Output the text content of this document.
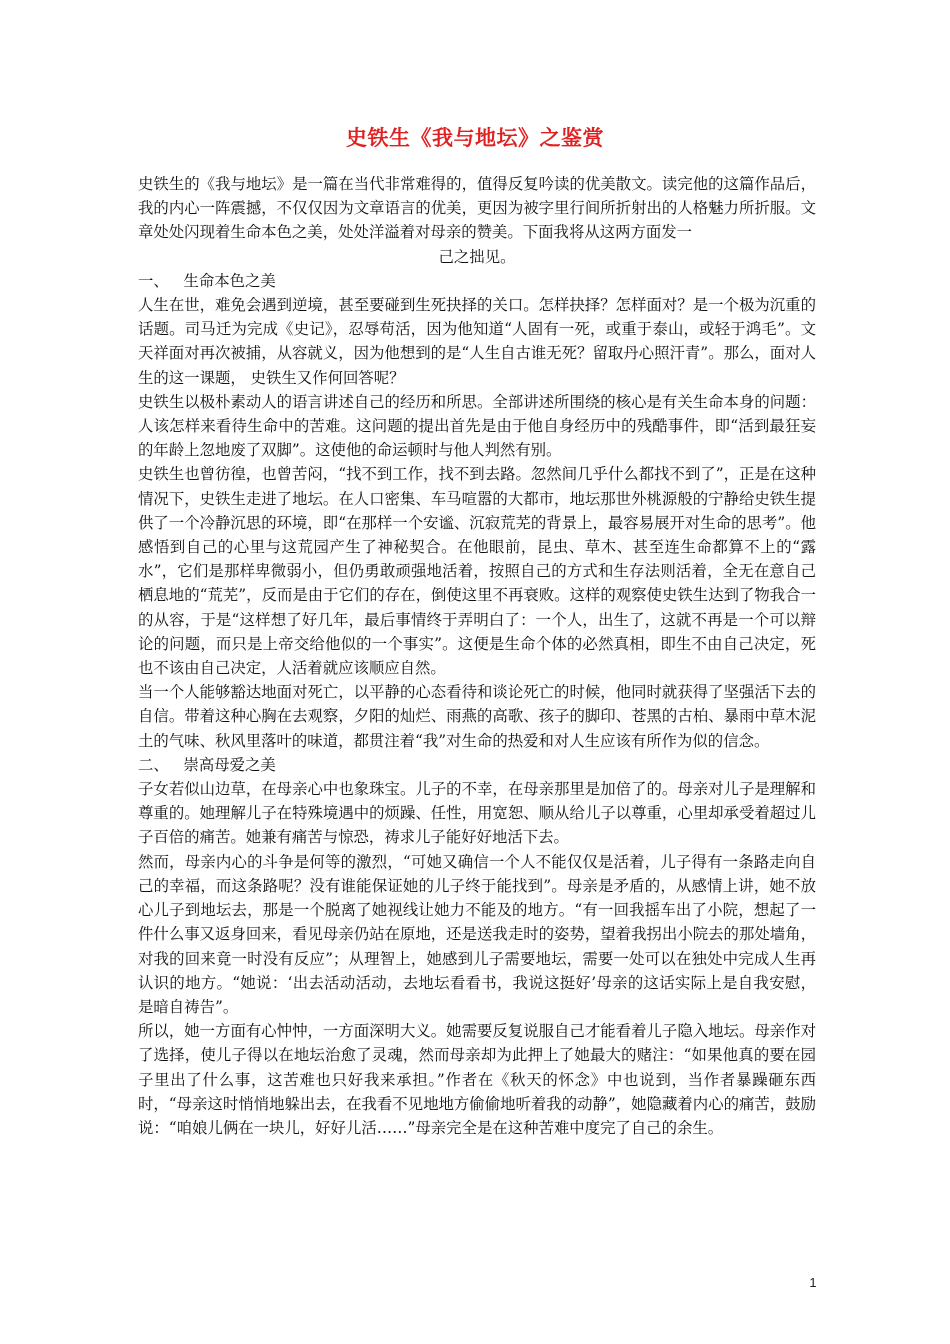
史铁生《我与地坛》之鉴赏

史铁生的《我与地坛》是一篇在当代非常难得的，值得反复吟读的优美散文。读完他的这篇作品后，我的内心一阵震撼，不仅仅因为文章语言的优美，更因为被字里行间所折射出的人格魅力所折服。文章处处闪现着生命本色之美，处处洋溢着对母亲的赞美。下面我将从这两方面发一

己之拙见。

一、   生命本色之美

人生在世，难免会遇到逆境，甚至要碰到生死抉择的关口。怎样抉择？怎样面对？是一个极为沉重的话题。司马迁为完成《史记》，忍辱苟活，因为他知道“人固有一死，或重于泰山，或轻于鸿毛”。文天祥面对再次被捕，从容就义，因为他想到的是“人生自古谁无死？留取丹心照汗青”。那么，面对人生的这一课题， 史铁生又作何回答呢？

史铁生以极朴素动人的语言讲述自己的经历和所思。全部讲述所围绕的核心是有关生命本身的问题：人该怎样来看待生命中的苦难。这问题的提出首先是由于他自身经历中的残酷事件，即“活到最狂妄的年龄上忽地废了双脚”。这使他的命运顿时与他人判然有别。

史铁生也曾彷徨，也曾苦闷，“找不到工作，找不到去路。忽然间几乎什么都找不到了”，正是在这种情况下，史铁生走进了地坛。在人口密集、车马喧嚣的大都市，地坛那世外桃源般的宁静给史铁生提供了一个冷静沉思的环境，即“在那样一个安谧、沉寂荒芜的背景上，最容易展开对生命的思考”。他感悟到自己的心里与这荒园产生了神秘契合。在他眼前，昆虫、草木、甚至连生命都算不上的“露水”，它们是那样卑微弱小，但仍勇敢顽强地活着，按照自己的方式和生存法则活着，全无在意自己栖息地的“荒芜”，反而是由于它们的存在，倒使这里不再衰败。这样的观察使史铁生达到了物我合一的从容，于是“这样想了好几年，最后事情终于弄明白了：一个人，出生了，这就不再是一个可以辩论的问题，而只是上帝交给他似的一个事实”。这便是生命个体的必然真相，即生不由自己决定，死也不该由自己决定，人活着就应该顺应自然。

当一个人能够豁达地面对死亡，以平静的心态看待和谈论死亡的时候，他同时就获得了坚强活下去的自信。带着这种心胸在去观察，夕阳的灿烂、雨燕的高歌、孩子的脚印、苍黑的古柏、暴雨中草木泥土的气味、秋风里落叶的味道，都贯注着“我”对生命的热爱和对人生应该有所作为似的信念。

二、   崇高母爱之美

子女若似山边草，在母亲心中也象珠宝。儿子的不幸，在母亲那里是加倍了的。母亲对儿子是理解和尊重的。她理解儿子在特殊境遇中的烦躁、任性，用宽恕、顺从给儿子以尊重，心里却承受着超过儿子百倍的痛苦。她兼有痛苦与惊恐，祷求儿子能好好地活下去。

然而，母亲内心的斗争是何等的激烈，“可她又确信一个人不能仅仅是活着，儿子得有一条路走向自己的幸福，而这条路呢？没有谁能保证她的儿子终于能找到”。母亲是矛盾的，从感情上讲，她不放心儿子到地坛去，那是一个脱离了她视线让她力不能及的地方。“有一回我摇车出了小院，想起了一件什么事又返身回来，看见母亲仍站在原地，还是送我走时的姿势，望着我拐出小院去的那处墙角，对我的回来竟一时没有反应”；从理智上，她感到儿子需要地坛，需要一处可以在独处中完成人生再认识的地方。“她说：‘出去活动活动，去地坛看看书，我说这挺好’母亲的这话实际上是自我安慰，是暗自祷告”。

所以，她一方面有心忡忡，一方面深明大义。她需要反复说服自己才能看着儿子隐入地坛。母亲作对了选择，使儿子得以在地坛治愈了灵魂，然而母亲却为此押上了她最大的赌注：“如果他真的要在园子里出了什么事，这苦难也只好我来承担。”作者在《秋天的怀念》中也说到，当作者暴躁砸东西时，“母亲这时悄悄地躲出去，在我看不见地地方偷偷地听着我的动静”，她隐藏着内心的痛苦，鼓励说：“咱娘儿俩在一块儿，好好儿活……”母亲完全是在这种苦难中度完了自己的余生。

1
